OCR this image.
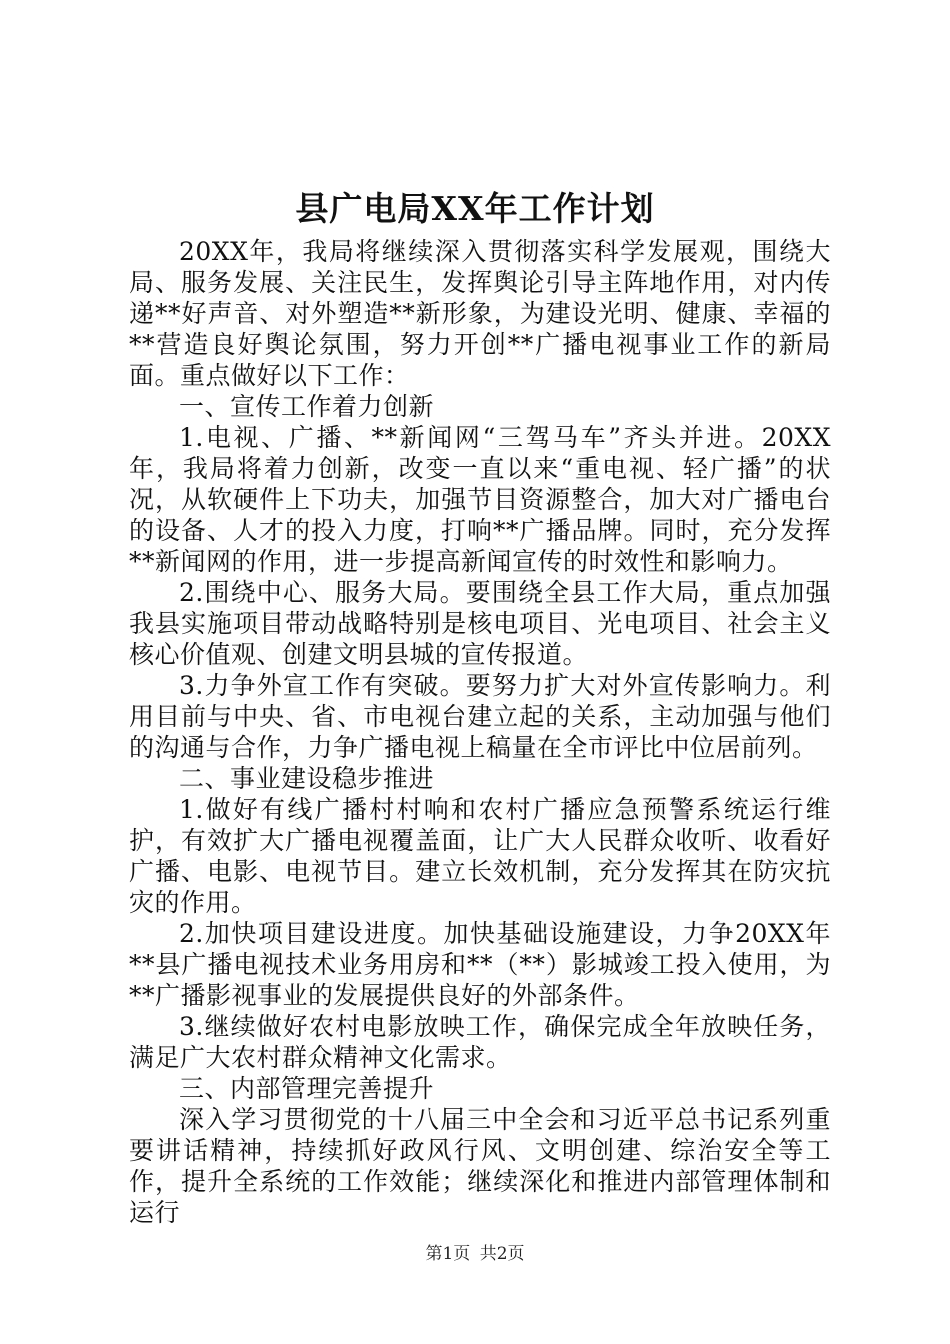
县广电局XX年工作计划

20XX年，我局将继续深入贯彻落实科学发展观，围绕大局、服务发展、关注民生，发挥舆论引导主阵地作用，对内传递**好声音、对外塑造**新形象，为建设光明、健康、幸福的**营造良好舆论氛围，努力开创**广播电视事业工作的新局面。重点做好以下工作：

一、宣传工作着力创新

1.电视、广播、**新闻网“三驾马车”齐头并进。20XX年，我局将着力创新，改变一直以来“重电视、轻广播”的状况，从软硬件上下功夫，加强节目资源整合，加大对广播电台的设备、人才的投入力度，打响**广播品牌。同时，充分发挥**新闻网的作用，进一步提高新闻宣传的时效性和影响力。

2.围绕中心、服务大局。要围绕全县工作大局，重点加强我县实施项目带动战略特别是核电项目、光电项目、社会主义核心价值观、创建文明县城的宣传报道。

3.力争外宣工作有突破。要努力扩大对外宣传影响力。利用目前与中央、省、市电视台建立起的关系，主动加强与他们的沟通与合作，力争广播电视上稿量在全市评比中位居前列。

二、事业建设稳步推进

1.做好有线广播村村响和农村广播应急预警系统运行维护，有效扩大广播电视覆盖面，让广大人民群众收听、收看好广播、电影、电视节目。建立长效机制，充分发挥其在防灾抗灾的作用。

2.加快项目建设进度。加快基础设施建设，力争20XX年**县广播电视技术业务用房和**（**）影城竣工投入使用，为**广播影视事业的发展提供良好的外部条件。

3.继续做好农村电影放映工作，确保完成全年放映任务，满足广大农村群众精神文化需求。

三、内部管理完善提升

深入学习贯彻党的十八届三中全会和习近平总书记系列重要讲话精神，持续抓好政风行风、文明创建、综治安全等工作，提升全系统的工作效能；继续深化和推进内部管理体制和运行

第1页 共2页
